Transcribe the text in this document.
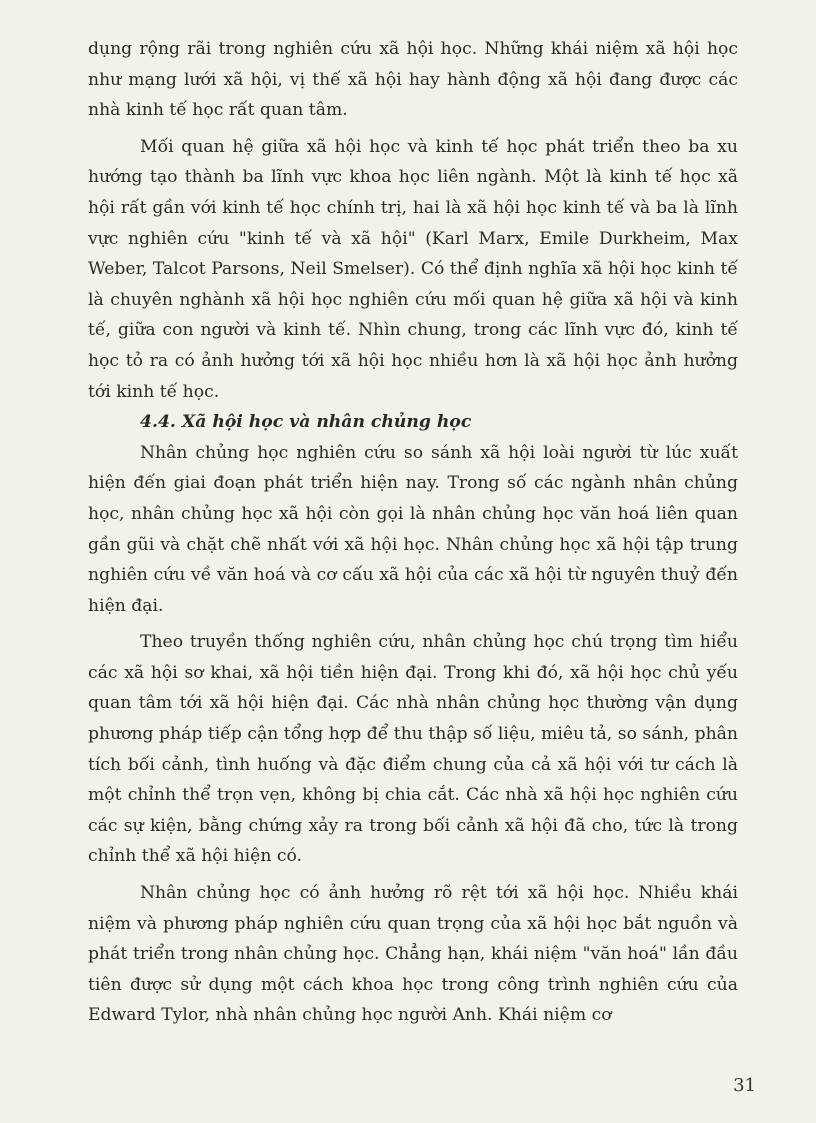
dụng rộng rãi trong nghiên cứu xã hội học. Những khái niệm xã hội học như mạng lưới xã hội, vị thế xã hội hay hành động xã hội đang được các nhà kinh tế học rất quan tâm.

Mối quan hệ giữa xã hội học và kinh tế học phát triển theo ba xu hướng tạo thành ba lĩnh vực khoa học liên ngành. Một là kinh tế học xã hội rất gần với kinh tế học chính trị, hai là xã hội học kinh tế và ba là lĩnh vực nghiên cứu "kinh tế và xã hội" (Karl Marx, Emile Durkheim, Max Weber, Talcot Parsons, Neil Smelser). Có thể định nghĩa xã hội học kinh tế là chuyên nghành xã hội học nghiên cứu mối quan hệ giữa xã hội và kinh tế, giữa con người và kinh tế. Nhìn chung, trong các lĩnh vực đó, kinh tế học tỏ ra có ảnh hưởng tới xã hội học nhiều hơn là xã hội học ảnh hưởng tới kinh tế học.

4.4. Xã hội học và nhân chủng học

Nhân chủng học nghiên cứu so sánh xã hội loài người từ lúc xuất hiện đến giai đoạn phát triển hiện nay. Trong số các ngành nhân chủng học, nhân chủng học xã hội còn gọi là nhân chủng học văn hoá liên quan gần gũi và chặt chẽ nhất với xã hội học. Nhân chủng học xã hội tập trung nghiên cứu về văn hoá và cơ cấu xã hội của các xã hội từ nguyên thuỷ đến hiện đại.

Theo truyền thống nghiên cứu, nhân chủng học chú trọng tìm hiểu các xã hội sơ khai, xã hội tiền hiện đại. Trong khi đó, xã hội học chủ yếu quan tâm tới xã hội hiện đại. Các nhà nhân chủng học thường vận dụng phương pháp tiếp cận tổng hợp để thu thập số liệu, miêu tả, so sánh, phân tích bối cảnh, tình huống và đặc điểm chung của cả xã hội với tư cách là một chỉnh thể trọn vẹn, không bị chia cắt. Các nhà xã hội học nghiên cứu các sự kiện, bằng chứng xảy ra trong bối cảnh xã hội đã cho, tức là trong chỉnh thể xã hội hiện có.

Nhân chủng học có ảnh hưởng rõ rệt tới xã hội học. Nhiều khái niệm và phương pháp nghiên cứu quan trọng của xã hội học bắt nguồn và phát triển trong nhân chủng học. Chẳng hạn, khái niệm "văn hoá" lần đầu tiên được sử dụng một cách khoa học trong công trình nghiên cứu của Edward Tylor, nhà nhân chủng học người Anh. Khái niệm cơ

31
